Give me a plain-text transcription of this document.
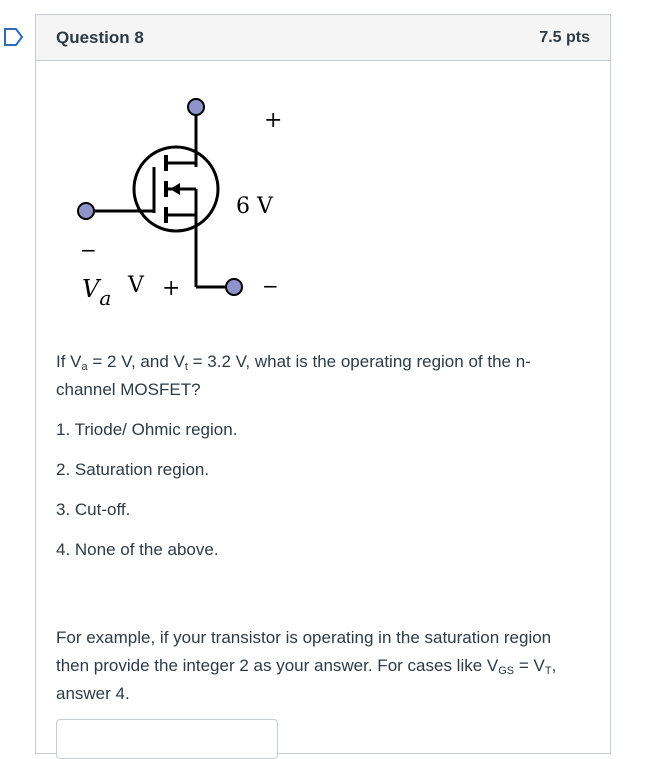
Question 8	7.5 pts
+
6 V
−
$V_a$ V +	−

If $V_a = 2$ V, and $V_t = 3.2$ V, what is the operating region of the n-channel MOSFET?

1. Triode/ Ohmic region.

2. Saturation region.

3. Cut-off.

4. None of the above.

For example, if your transistor is operating in the saturation region then provide the integer 2 as your answer. For cases like $V_{GS} = V_T$, answer 4.
